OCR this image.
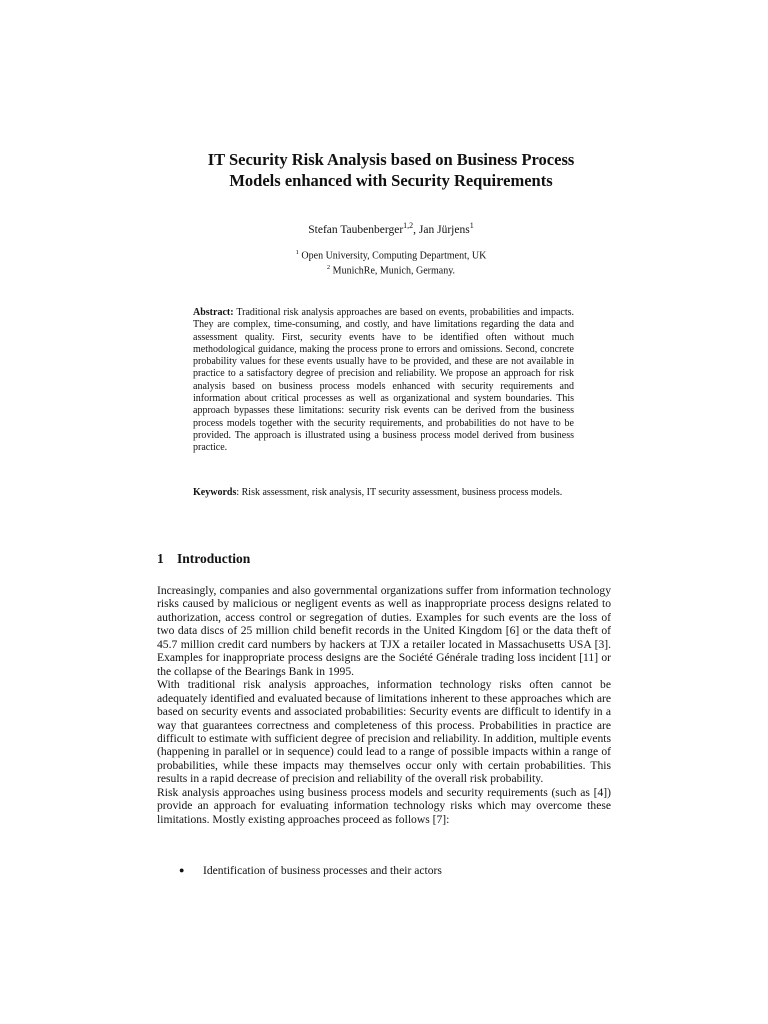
IT Security Risk Analysis based on Business Process
Models enhanced with Security Requirements
Stefan Taubenberger$^{1,2}$, Jan Jürjens$^1$
$^1$ Open University, Computing Department, UK
$^2$ MunichRe, Munich, Germany.

Abstract: Traditional risk analysis approaches are based on events, probabilities and impacts. They are complex, time-consuming, and costly, and have limitations regarding the data and assessment quality. First, security events have to be identified often without much methodological guidance, making the process prone to errors and omissions. Second, concrete probability values for these events usually have to be provided, and these are not available in practice to a satisfactory degree of precision and reliability. We propose an approach for risk analysis based on business process models enhanced with security requirements and information about critical processes as well as organizational and system boundaries. This approach bypasses these limitations: security risk events can be derived from the business process models together with the security requirements, and probabilities do not have to be provided. The approach is illustrated using a business process model derived from business practice.

Keywords: Risk assessment, risk analysis, IT security assessment, business process models.

1 Introduction

Increasingly, companies and also governmental organizations suffer from information technology risks caused by malicious or negligent events as well as inappropriate process designs related to authorization, access control or segregation of duties. Examples for such events are the loss of two data discs of 25 million child benefit records in the United Kingdom [6] or the data theft of 45.7 million credit card numbers by hackers at TJX a retailer located in Massachusetts USA [3]. Examples for inappropriate process designs are the Société Générale trading loss incident [11] or the collapse of the Bearings Bank in 1995.

With traditional risk analysis approaches, information technology risks often cannot be adequately identified and evaluated because of limitations inherent to these approaches which are based on security events and associated probabilities: Security events are difficult to identify in a way that guarantees correctness and completeness of this process. Probabilities in practice are difficult to estimate with sufficient degree of precision and reliability. In addition, multiple events (happening in parallel or in sequence) could lead to a range of possible impacts within a range of probabilities, while these impacts may themselves occur only with certain probabilities. This results in a rapid decrease of precision and reliability of the overall risk probability.

Risk analysis approaches using business process models and security requirements (such as [4]) provide an approach for evaluating information technology risks which may overcome these limitations. Mostly existing approaches proceed as follows [7]:

● Identification of business processes and their actors
